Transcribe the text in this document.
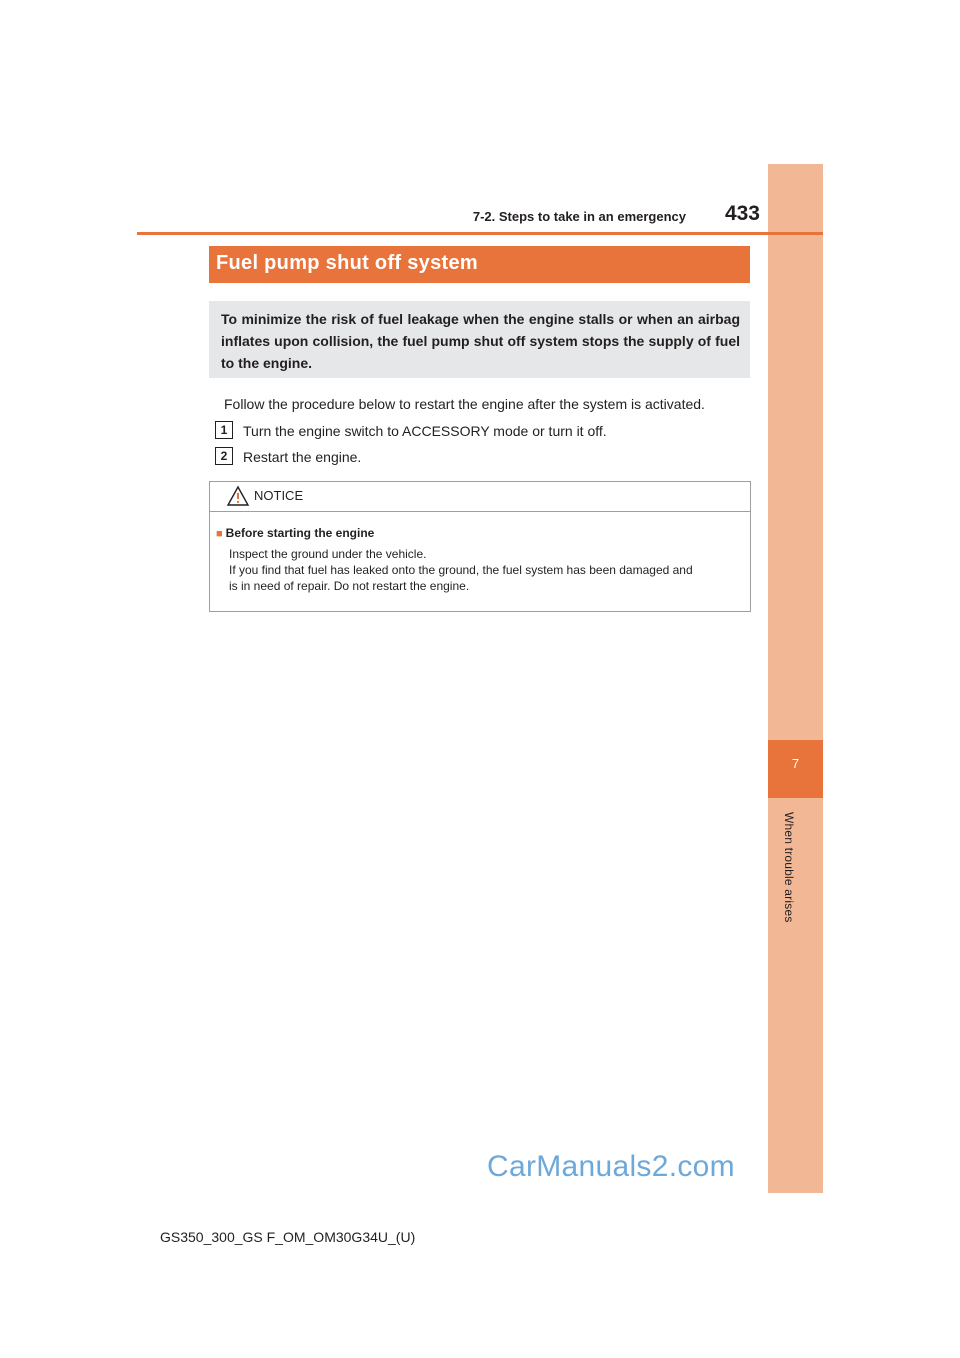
7
When trouble arises
7-2. Steps to take in an emergency	433
Fuel pump shut off system

To minimize the risk of fuel leakage when the engine stalls or when an airbag inflates upon collision, the fuel pump shut off system stops the supply of fuel to the engine.

Follow the procedure below to restart the engine after the system is activated.
1	Turn the engine switch to ACCESSORY mode or turn it off.
2	Restart the engine.
NOTICE
■ Before starting the engine
Inspect the ground under the vehicle.
If you find that fuel has leaked onto the ground, the fuel system has been damaged and
is in need of repair. Do not restart the engine.
CarManuals2.com
GS350_300_GS F_OM_OM30G34U_(U)
